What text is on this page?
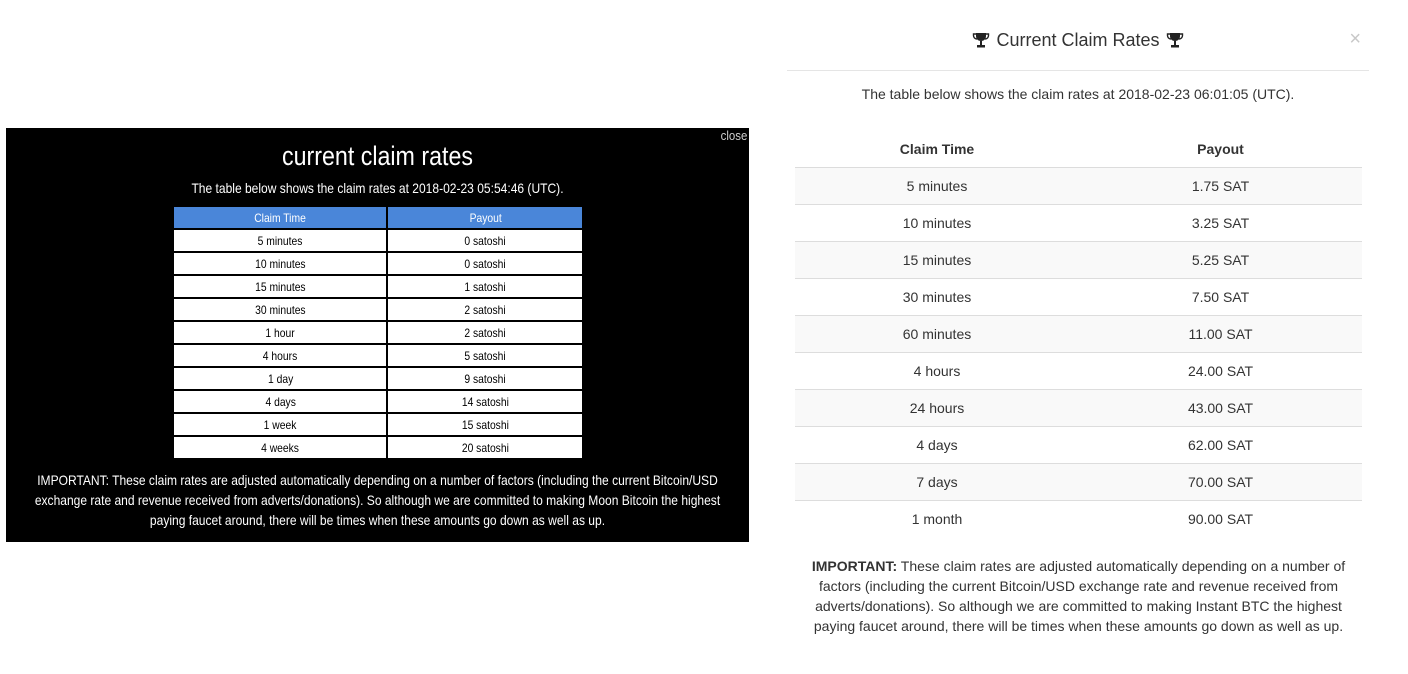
close
current claim rates
The table below shows the claim rates at 2018-02-23 05:54:46 (UTC).
Claim Time	Payout
5 minutes	0 satoshi
10 minutes	0 satoshi
15 minutes	1 satoshi
30 minutes	2 satoshi
1 hour	2 satoshi
4 hours	5 satoshi
1 day	9 satoshi
4 days	14 satoshi
1 week	15 satoshi
4 weeks	20 satoshi
IMPORTANT: These claim rates are adjusted automatically depending on a number of factors (including the current Bitcoin/USD exchange rate and revenue received from adverts/donations). So although we are committed to making Moon Bitcoin the highest paying faucet around, there will be times when these amounts go down as well as up.
Current Claim Rates	×
The table below shows the claim rates at 2018-02-23 06:01:05 (UTC).
Claim Time	Payout
5 minutes	1.75 SAT
10 minutes	3.25 SAT
15 minutes	5.25 SAT
30 minutes	7.50 SAT
60 minutes	11.00 SAT
4 hours	24.00 SAT
24 hours	43.00 SAT
4 days	62.00 SAT
7 days	70.00 SAT
1 month	90.00 SAT
IMPORTANT: These claim rates are adjusted automatically depending on a number of factors (including the current Bitcoin/USD exchange rate and revenue received from adverts/donations). So although we are committed to making Instant BTC the highest paying faucet around, there will be times when these amounts go down as well as up.
